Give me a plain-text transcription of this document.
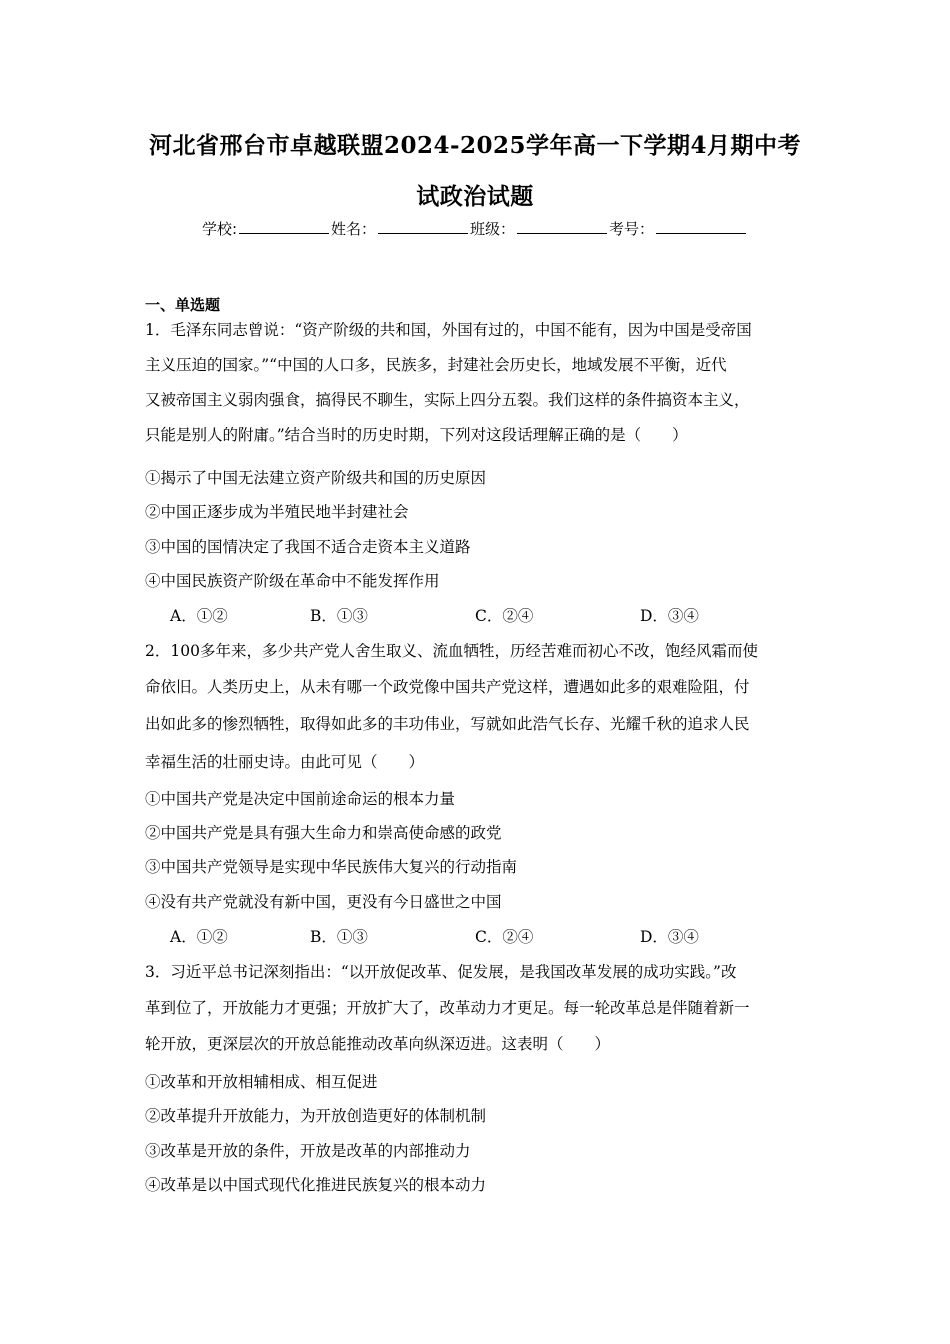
河北省邢台市卓越联盟2024-2025学年高一下学期4月期中考
试政治试题
学校:	姓名：	班级：	考号：
一、单选题
1．毛泽东同志曾说：“资产阶级的共和国，外国有过的，中国不能有，因为中国是受帝国
主义压迫的国家。”“中国的人口多，民族多，封建社会历史长，地域发展不平衡，近代
又被帝国主义弱肉强食，搞得民不聊生，实际上四分五裂。我们这样的条件搞资本主义，
只能是别人的附庸。”结合当时的历史时期，下列对这段话理解正确的是（　　）
①揭示了中国无法建立资产阶级共和国的历史原因
②中国正逐步成为半殖民地半封建社会
③中国的国情决定了我国不适合走资本主义道路
④中国民族资产阶级在革命中不能发挥作用
A．①②	B．①③	C．②④	D．③④
2．100多年来，多少共产党人舍生取义、流血牺牲，历经苦难而初心不改，饱经风霜而使
命依旧。人类历史上，从未有哪一个政党像中国共产党这样，遭遇如此多的艰难险阻，付
出如此多的惨烈牺牲，取得如此多的丰功伟业，写就如此浩气长存、光耀千秋的追求人民
幸福生活的壮丽史诗。由此可见（　　）
①中国共产党是决定中国前途命运的根本力量
②中国共产党是具有强大生命力和崇高使命感的政党
③中国共产党领导是实现中华民族伟大复兴的行动指南
④没有共产党就没有新中国，更没有今日盛世之中国
A．①②	B．①③	C．②④	D．③④
3．习近平总书记深刻指出：“以开放促改革、促发展，是我国改革发展的成功实践。”改
革到位了，开放能力才更强；开放扩大了，改革动力才更足。每一轮改革总是伴随着新一
轮开放，更深层次的开放总能推动改革向纵深迈进。这表明（　　）
①改革和开放相辅相成、相互促进
②改革提升开放能力，为开放创造更好的体制机制
③改革是开放的条件，开放是改革的内部推动力
④改革是以中国式现代化推进民族复兴的根本动力
